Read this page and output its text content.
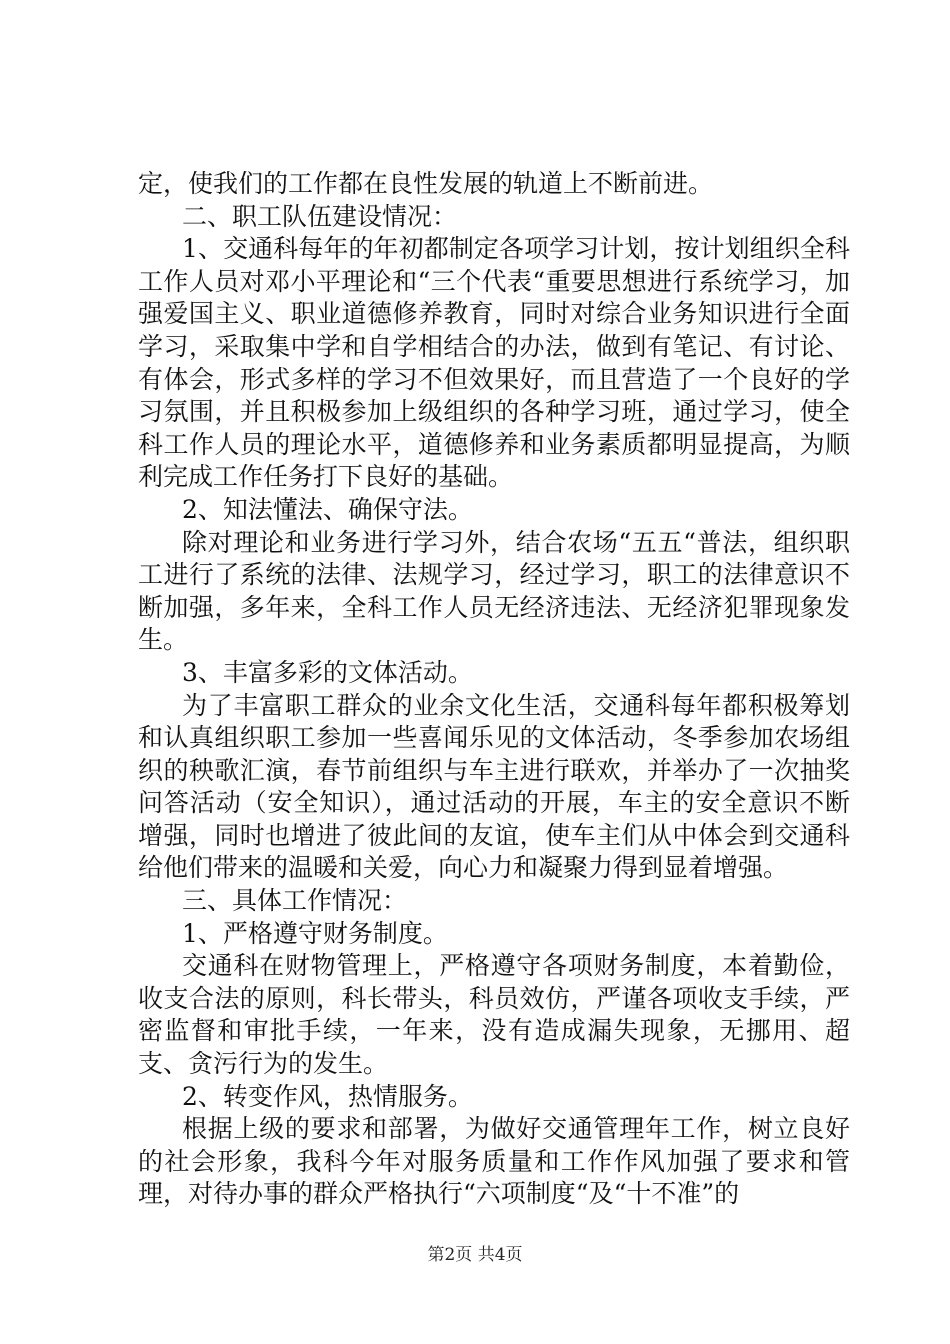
定，使我们的工作都在良性发展的轨道上不断前进。

二、职工队伍建设情况：

1、交通科每年的年初都制定各项学习计划，按计划组织全科工作人员对邓小平理论和“三个代表“重要思想进行系统学习，加强爱国主义、职业道德修养教育，同时对综合业务知识进行全面学习，采取集中学和自学相结合的办法，做到有笔记、有讨论、有体会，形式多样的学习不但效果好，而且营造了一个良好的学习氛围，并且积极参加上级组织的各种学习班，通过学习，使全科工作人员的理论水平，道德修养和业务素质都明显提高，为顺利完成工作任务打下良好的基础。

2、知法懂法、确保守法。

除对理论和业务进行学习外，结合农场“五五“普法，组织职工进行了系统的法律、法规学习，经过学习，职工的法律意识不断加强，多年来，全科工作人员无经济违法、无经济犯罪现象发生。

3、丰富多彩的文体活动。

为了丰富职工群众的业余文化生活，交通科每年都积极筹划和认真组织职工参加一些喜闻乐见的文体活动，冬季参加农场组织的秧歌汇演，春节前组织与车主进行联欢，并举办了一次抽奖问答活动（安全知识），通过活动的开展，车主的安全意识不断增强，同时也增进了彼此间的友谊，使车主们从中体会到交通科给他们带来的温暖和关爱，向心力和凝聚力得到显着增强。

三、具体工作情况：

1、严格遵守财务制度。

交通科在财物管理上，严格遵守各项财务制度，本着勤俭，收支合法的原则，科长带头，科员效仿，严谨各项收支手续，严密监督和审批手续，一年来，没有造成漏失现象，无挪用、超支、贪污行为的发生。

2、转变作风，热情服务。

根据上级的要求和部署，为做好交通管理年工作，树立良好的社会形象，我科今年对服务质量和工作作风加强了要求和管理，对待办事的群众严格执行“六项制度“及“十不准”的

第2页 共4页
